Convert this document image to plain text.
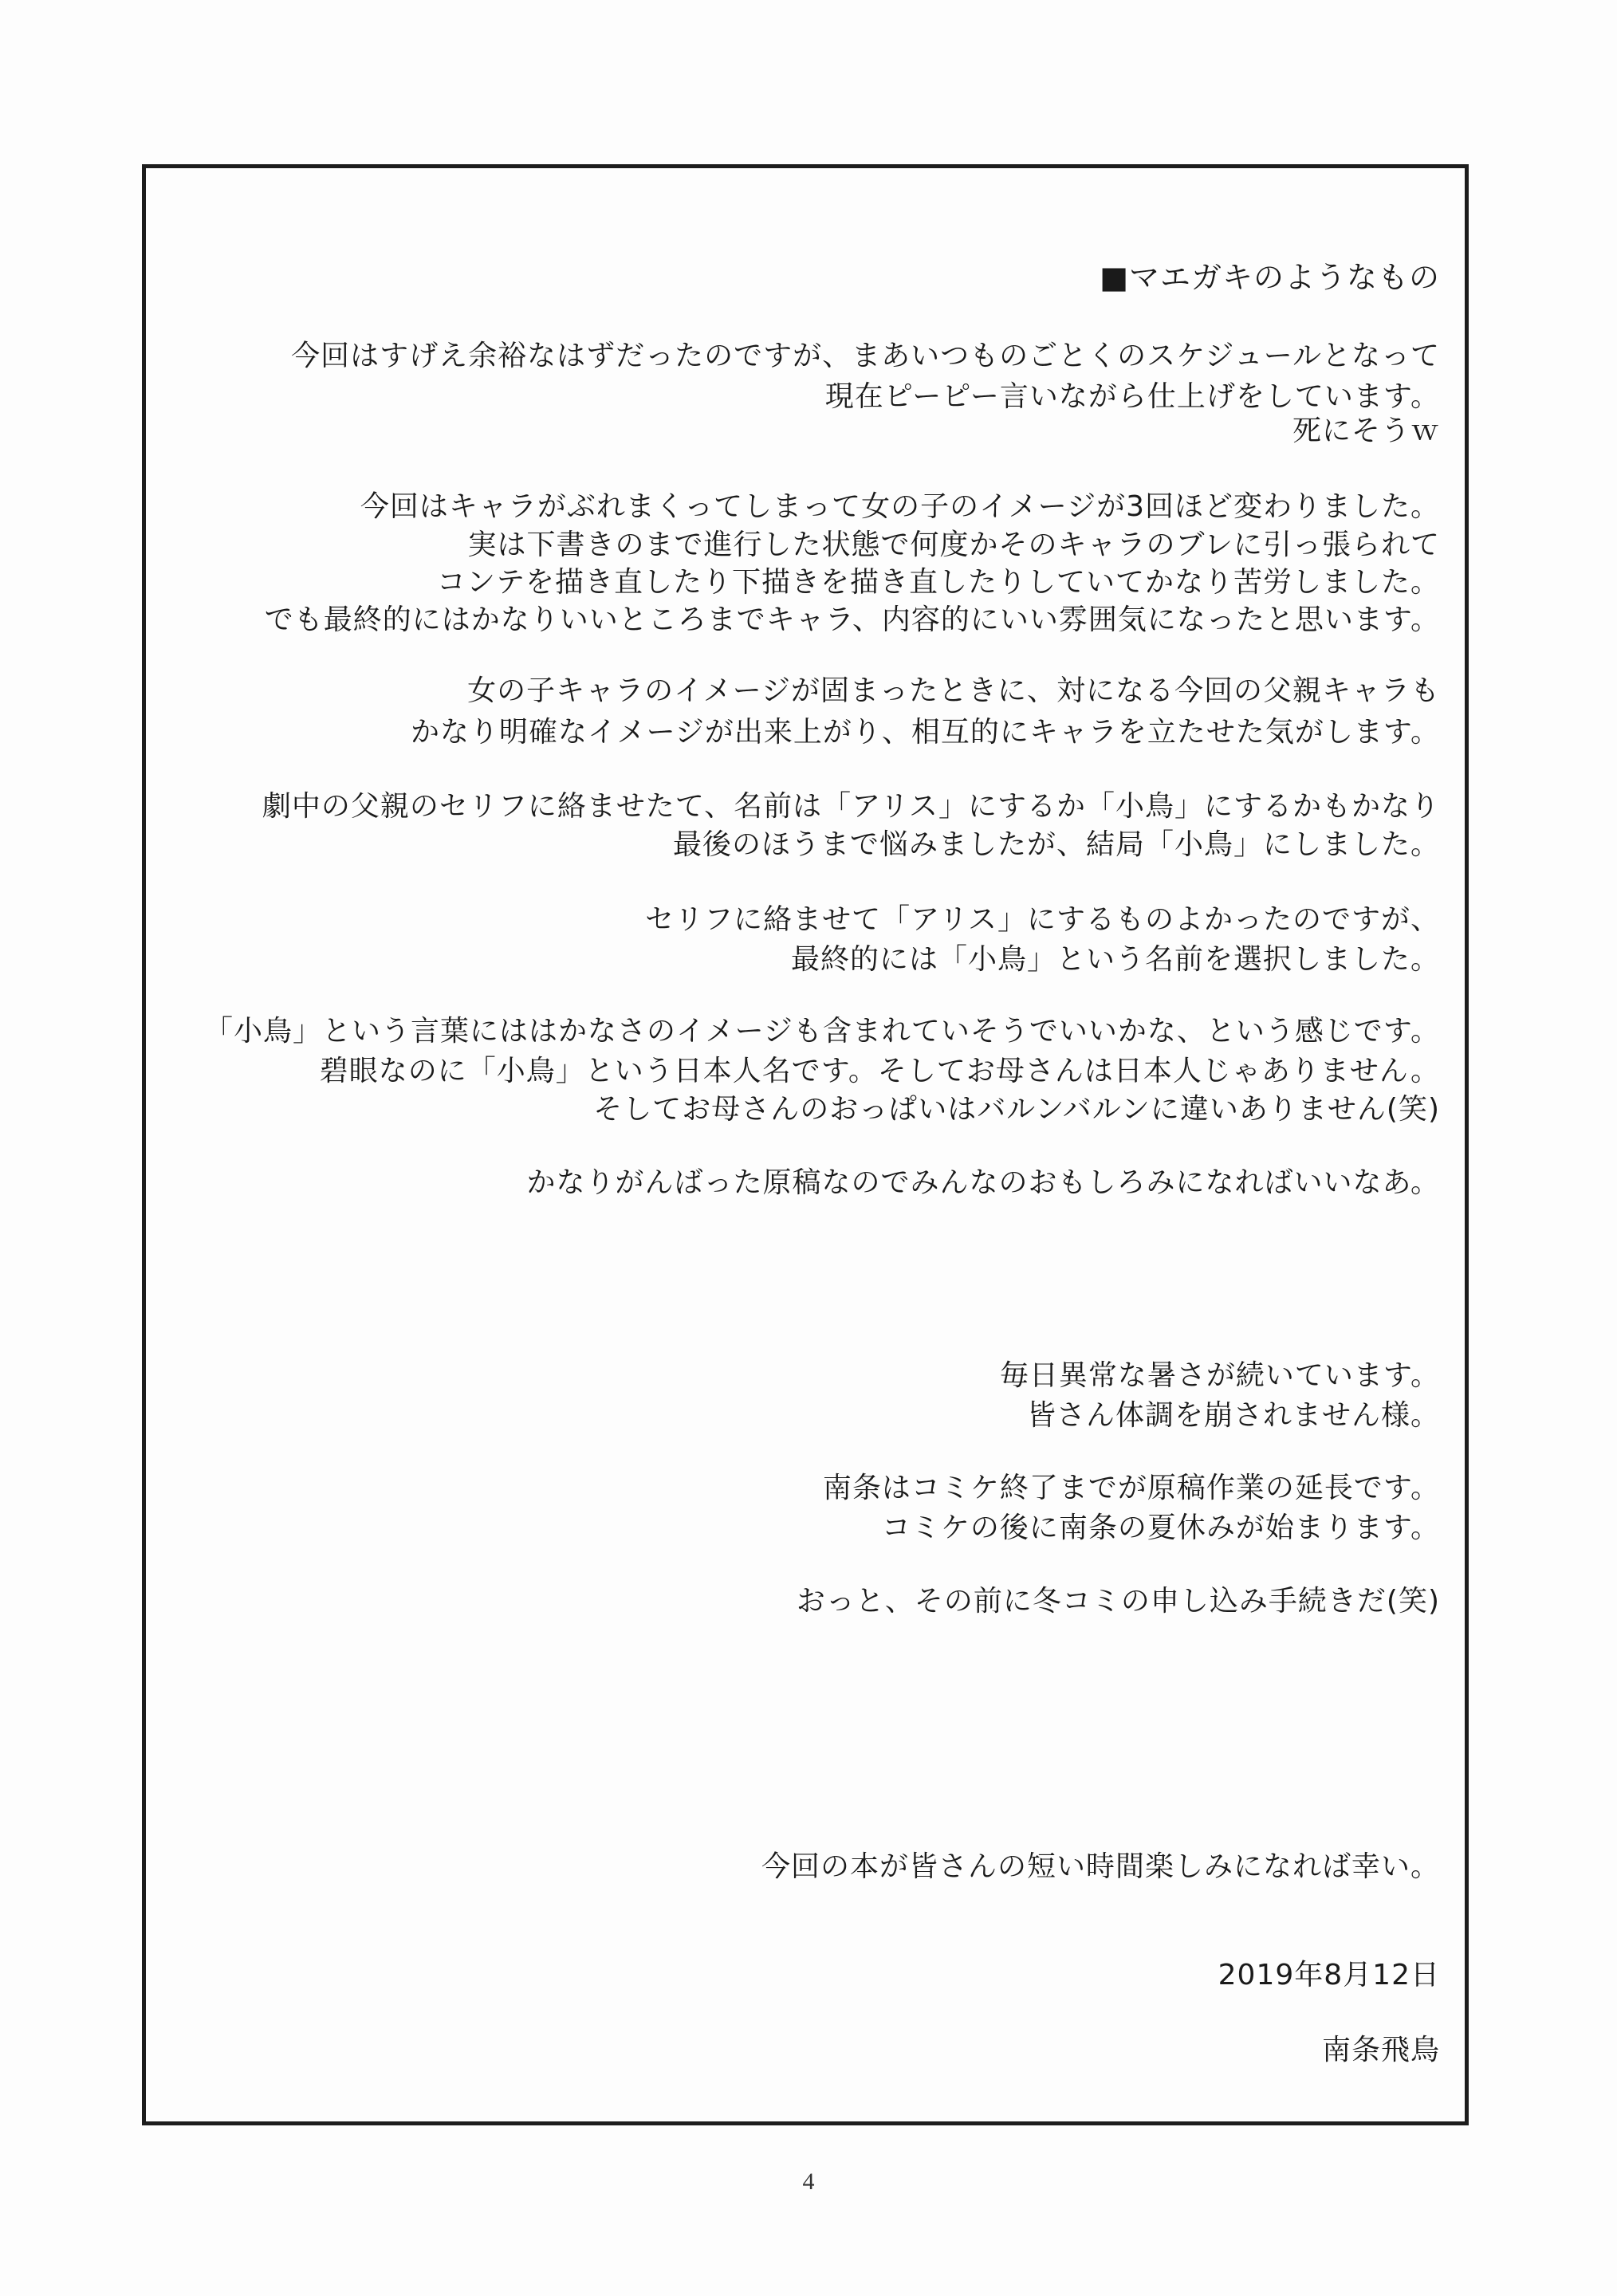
■マエガキのようなもの
今回はすげえ余裕なはずだったのですが、まあいつものごとくのスケジュールとなって
現在ピーピー言いながら仕上げをしています。
死にそうｗ
今回はキャラがぶれまくってしまって女の子のイメージが3回ほど変わりました。
実は下書きのまで進行した状態で何度かそのキャラのブレに引っ張られて
コンテを描き直したり下描きを描き直したりしていてかなり苦労しました。
でも最終的にはかなりいいところまでキャラ、内容的にいい雰囲気になったと思います。
女の子キャラのイメージが固まったときに、対になる今回の父親キャラも
かなり明確なイメージが出来上がり、相互的にキャラを立たせた気がします。
劇中の父親のセリフに絡ませたて、名前は「アリス」にするか「小鳥」にするかもかなり
最後のほうまで悩みましたが、結局「小鳥」にしました。
セリフに絡ませて「アリス」にするものよかったのですが、
最終的には「小鳥」という名前を選択しました。
「小鳥」という言葉にははかなさのイメージも含まれていそうでいいかな、という感じです。
碧眼なのに「小鳥」という日本人名です。そしてお母さんは日本人じゃありません。
そしてお母さんのおっぱいはバルンバルンに違いありません(笑)
かなりがんばった原稿なのでみんなのおもしろみになればいいなあ。
毎日異常な暑さが続いています。
皆さん体調を崩されません様。
南条はコミケ終了までが原稿作業の延長です。
コミケの後に南条の夏休みが始まります。
おっと、その前に冬コミの申し込み手続きだ(笑)
今回の本が皆さんの短い時間楽しみになれば幸い。
2019年8月12日
南条飛鳥
4
